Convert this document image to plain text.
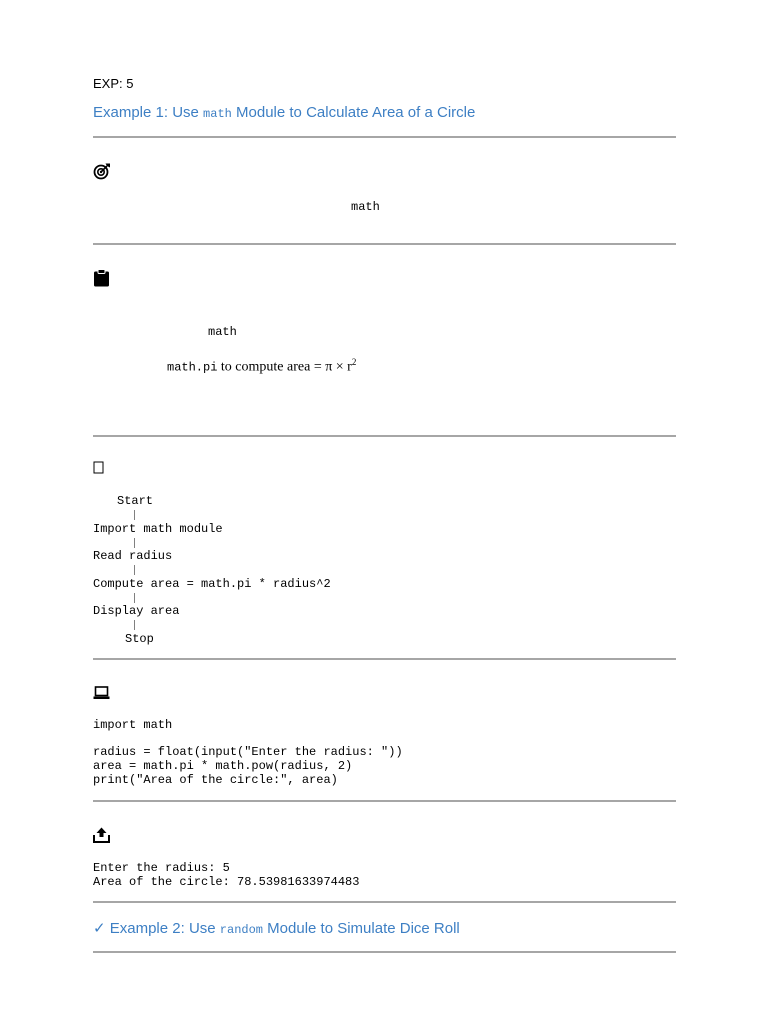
EXP: 5
Example 1: Use math Module to Calculate Area of a Circle
math
math
math.pi to compute area = $\pi \times r^2$
Start
Import math module
Read radius
Compute area = math.pi * radius^2
Display area
Stop
import math

radius = float(input("Enter the radius: "))
area = math.pi * math.pow(radius, 2)
print("Area of the circle:", area)
Enter the radius: 5
Area of the circle: 78.53981633974483
✓ Example 2: Use random Module to Simulate Dice Roll
